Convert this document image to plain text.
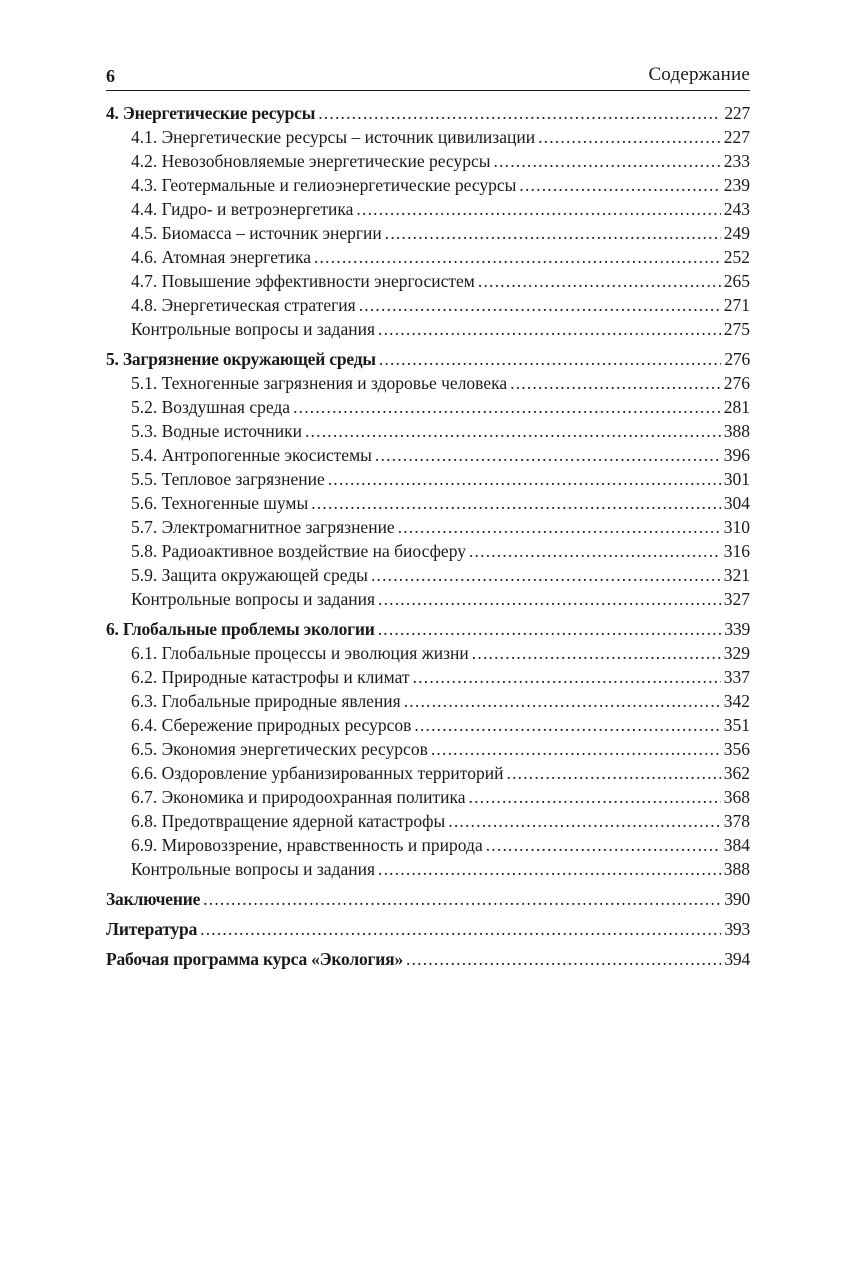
6	Содержание
4. Энергетические ресурсы .....	227
4.1. Энергетические ресурсы – источник цивилизации .....	227
4.2. Невозобновляемые энергетические ресурсы .....	233
4.3. Геотермальные и гелиоэнергетические ресурсы .....	239
4.4. Гидро- и ветроэнергетика .....	243
4.5. Биомасса – источник энергии .....	249
4.6. Атомная энергетика .....	252
4.7. Повышение эффективности энергосистем .....	265
4.8. Энергетическая стратегия .....	271
Контрольные вопросы и задания .....	275
5. Загрязнение окружающей среды .....	276
5.1. Техногенные загрязнения и здоровье человека .....	276
5.2. Воздушная среда .....	281
5.3. Водные источники .....	388
5.4. Антропогенные экосистемы .....	396
5.5. Тепловое загрязнение .....	301
5.6. Техногенные шумы .....	304
5.7. Электромагнитное загрязнение .....	310
5.8. Радиоактивное воздействие на биосферу .....	316
5.9. Защита окружающей среды .....	321
Контрольные вопросы и задания .....	327
6. Глобальные проблемы экологии .....	339
6.1. Глобальные процессы и эволюция жизни .....	329
6.2. Природные катастрофы и климат .....	337
6.3. Глобальные природные явления .....	342
6.4. Сбережение природных ресурсов .....	351
6.5. Экономия энергетических ресурсов .....	356
6.6. Оздоровление урбанизированных территорий .....	362
6.7. Экономика и природоохранная политика .....	368
6.8. Предотвращение ядерной катастрофы .....	378
6.9. Мировоззрение, нравственность и природа .....	384
Контрольные вопросы и задания .....	388
Заключение .....	390
Литература .....	393
Рабочая программа курса «Экология» .....	394
